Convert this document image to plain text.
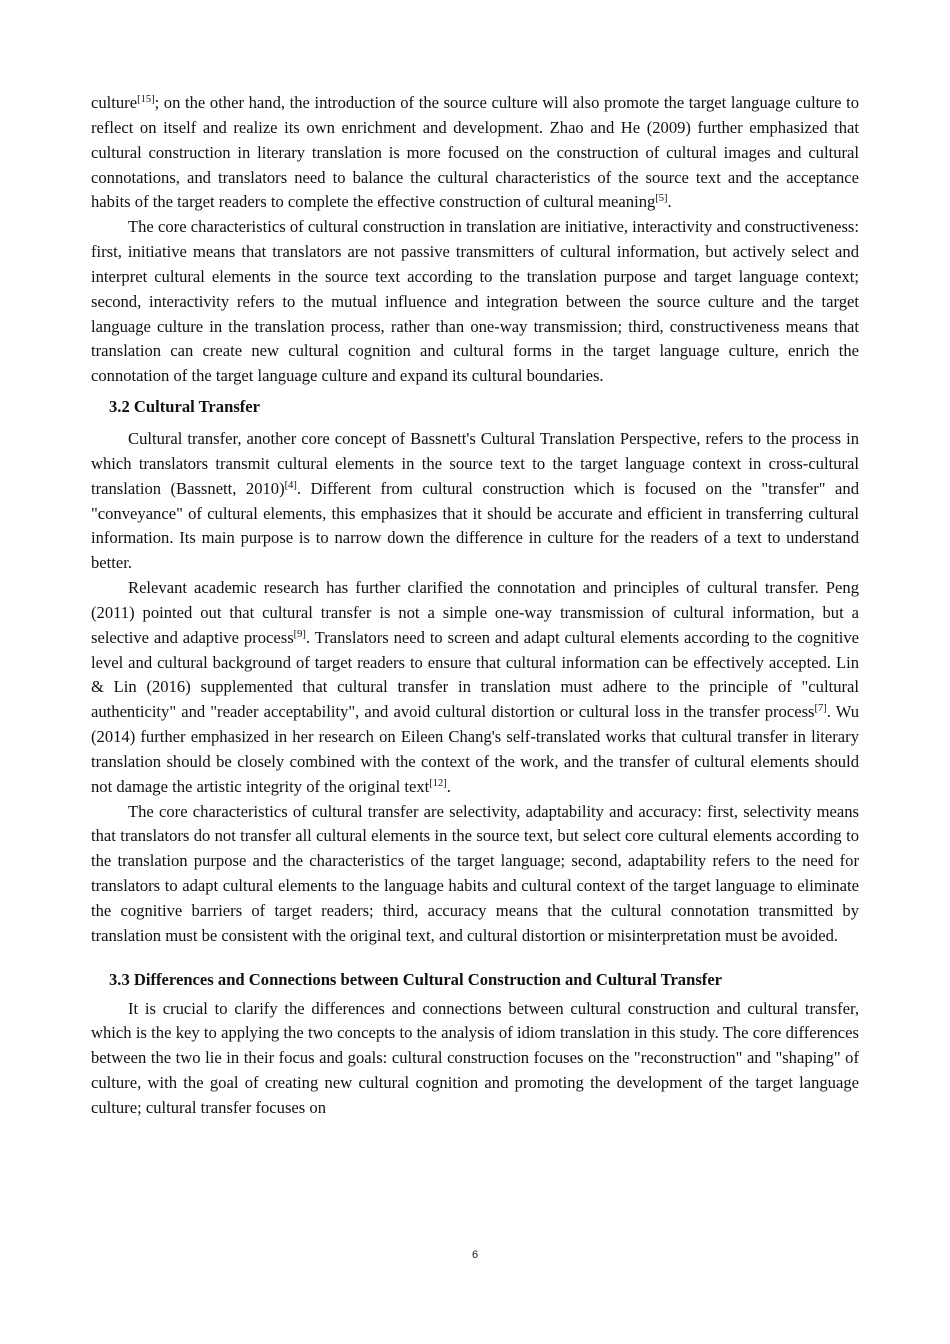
culture[15]; on the other hand, the introduction of the source culture will also promote the target language culture to reflect on itself and realize its own enrichment and development. Zhao and He (2009) further emphasized that cultural construction in literary translation is more focused on the construction of cultural images and cultural connotations, and translators need to balance the cultural characteristics of the source text and the acceptance habits of the target readers to complete the effective construction of cultural meaning[5].

The core characteristics of cultural construction in translation are initiative, interactivity and constructiveness: first, initiative means that translators are not passive transmitters of cultural information, but actively select and interpret cultural elements in the source text according to the translation purpose and target language context; second, interactivity refers to the mutual influence and integration between the source culture and the target language culture in the translation process, rather than one-way transmission; third, constructiveness means that translation can create new cultural cognition and cultural forms in the target language culture, enrich the connotation of the target language culture and expand its cultural boundaries.

3.2 Cultural Transfer

Cultural transfer, another core concept of Bassnett's Cultural Translation Perspective, refers to the process in which translators transmit cultural elements in the source text to the target language context in cross-cultural translation (Bassnett, 2010)[4]. Different from cultural construction which is focused on the "transfer" and "conveyance" of cultural elements, this emphasizes that it should be accurate and efficient in transferring cultural information. Its main purpose is to narrow down the difference in culture for the readers of a text to understand better.

Relevant academic research has further clarified the connotation and principles of cultural transfer. Peng (2011) pointed out that cultural transfer is not a simple one-way transmission of cultural information, but a selective and adaptive process[9]. Translators need to screen and adapt cultural elements according to the cognitive level and cultural background of target readers to ensure that cultural information can be effectively accepted. Lin & Lin (2016) supplemented that cultural transfer in translation must adhere to the principle of "cultural authenticity" and "reader acceptability", and avoid cultural distortion or cultural loss in the transfer process[7]. Wu (2014) further emphasized in her research on Eileen Chang's self-translated works that cultural transfer in literary translation should be closely combined with the context of the work, and the transfer of cultural elements should not damage the artistic integrity of the original text[12].

The core characteristics of cultural transfer are selectivity, adaptability and accuracy: first, selectivity means that translators do not transfer all cultural elements in the source text, but select core cultural elements according to the translation purpose and the characteristics of the target language; second, adaptability refers to the need for translators to adapt cultural elements to the language habits and cultural context of the target language to eliminate the cognitive barriers of target readers; third, accuracy means that the cultural connotation transmitted by translation must be consistent with the original text, and cultural distortion or misinterpretation must be avoided.

3.3 Differences and Connections between Cultural Construction and Cultural Transfer

It is crucial to clarify the differences and connections between cultural construction and cultural transfer, which is the key to applying the two concepts to the analysis of idiom translation in this study. The core differences between the two lie in their focus and goals: cultural construction focuses on the "reconstruction" and "shaping" of culture, with the goal of creating new cultural cognition and promoting the development of the target language culture; cultural transfer focuses on

6
